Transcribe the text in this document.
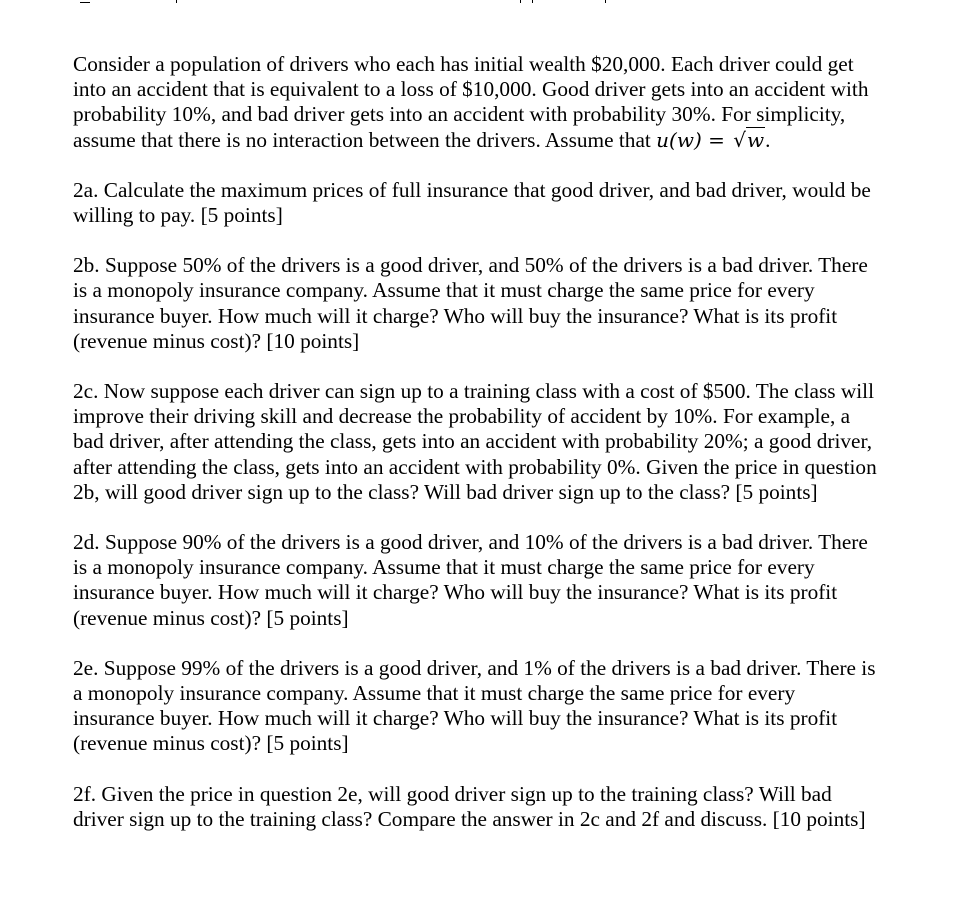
Consider a population of drivers who each has initial wealth $20,000. Each driver could get
into an accident that is equivalent to a loss of $10,000. Good driver gets into an accident with
probability 10%, and bad driver gets into an accident with probability 30%. For simplicity,
assume that there is no interaction between the drivers. Assume that u(w) = √w.

2a. Calculate the maximum prices of full insurance that good driver, and bad driver, would be
willing to pay. [5 points]

2b. Suppose 50% of the drivers is a good driver, and 50% of the drivers is a bad driver. There
is a monopoly insurance company. Assume that it must charge the same price for every
insurance buyer. How much will it charge? Who will buy the insurance? What is its profit
(revenue minus cost)? [10 points]

2c. Now suppose each driver can sign up to a training class with a cost of $500. The class will
improve their driving skill and decrease the probability of accident by 10%. For example, a
bad driver, after attending the class, gets into an accident with probability 20%; a good driver,
after attending the class, gets into an accident with probability 0%. Given the price in question
2b, will good driver sign up to the class? Will bad driver sign up to the class? [5 points]

2d. Suppose 90% of the drivers is a good driver, and 10% of the drivers is a bad driver. There
is a monopoly insurance company. Assume that it must charge the same price for every
insurance buyer. How much will it charge? Who will buy the insurance? What is its profit
(revenue minus cost)? [5 points]

2e. Suppose 99% of the drivers is a good driver, and 1% of the drivers is a bad driver. There is
a monopoly insurance company. Assume that it must charge the same price for every
insurance buyer. How much will it charge? Who will buy the insurance? What is its profit
(revenue minus cost)? [5 points]

2f. Given the price in question 2e, will good driver sign up to the training class? Will bad
driver sign up to the training class? Compare the answer in 2c and 2f and discuss. [10 points]
